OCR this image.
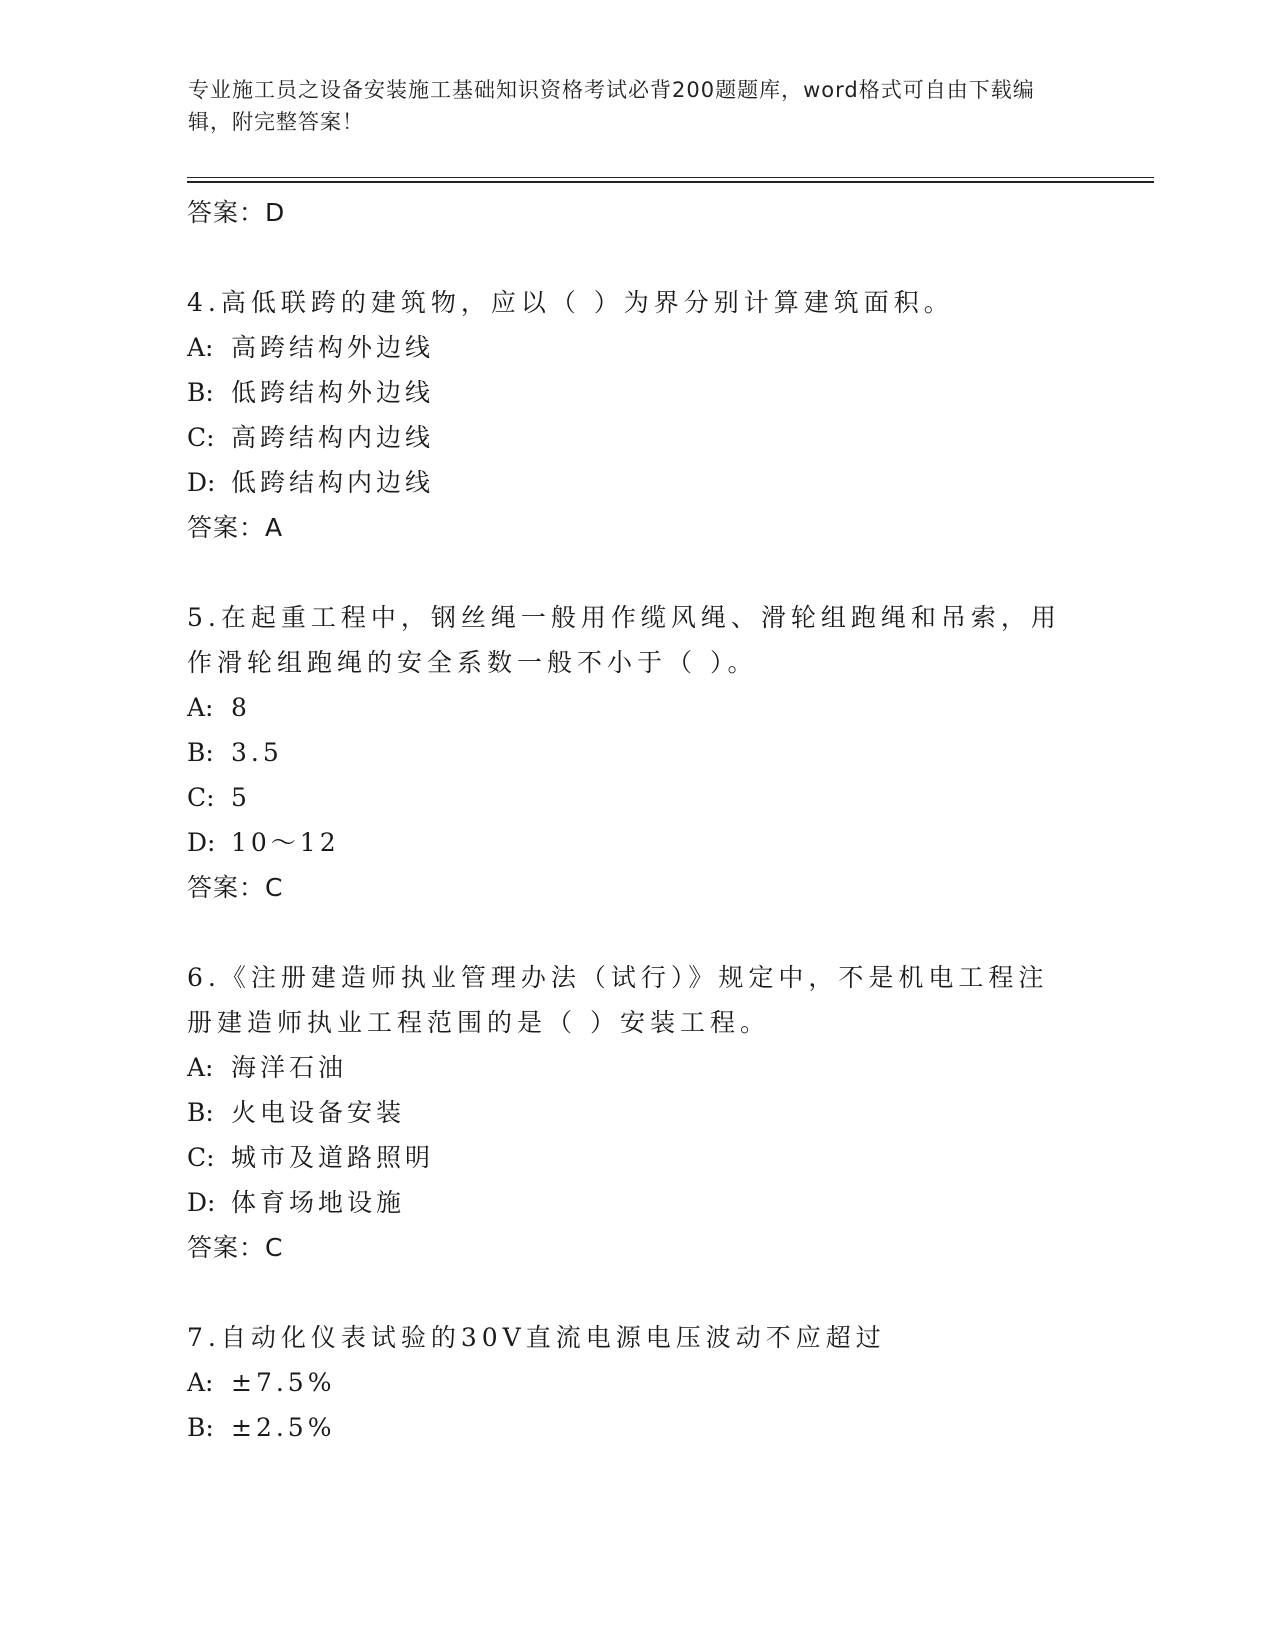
专业施工员之设备安装施工基础知识资格考试必背200题题库，word格式可自由下载编辑，附完整答案！
答案：D
4.高低联跨的建筑物，应以（ ）为界分别计算建筑面积。
A: 高跨结构外边线
B: 低跨结构外边线
C: 高跨结构内边线
D: 低跨结构内边线
答案：A
5.在起重工程中，钢丝绳一般用作缆风绳、滑轮组跑绳和吊索，用作滑轮组跑绳的安全系数一般不小于（ ）。
A: 8
B: 3.5
C: 5
D: 10～12
答案：C
6.《注册建造师执业管理办法（试行）》规定中，不是机电工程注册建造师执业工程范围的是（ ）安装工程。
A: 海洋石油
B: 火电设备安装
C: 城市及道路照明
D: 体育场地设施
答案：C
7.自动化仪表试验的30V直流电源电压波动不应超过
A: ±7.5%
B: ±2.5%
